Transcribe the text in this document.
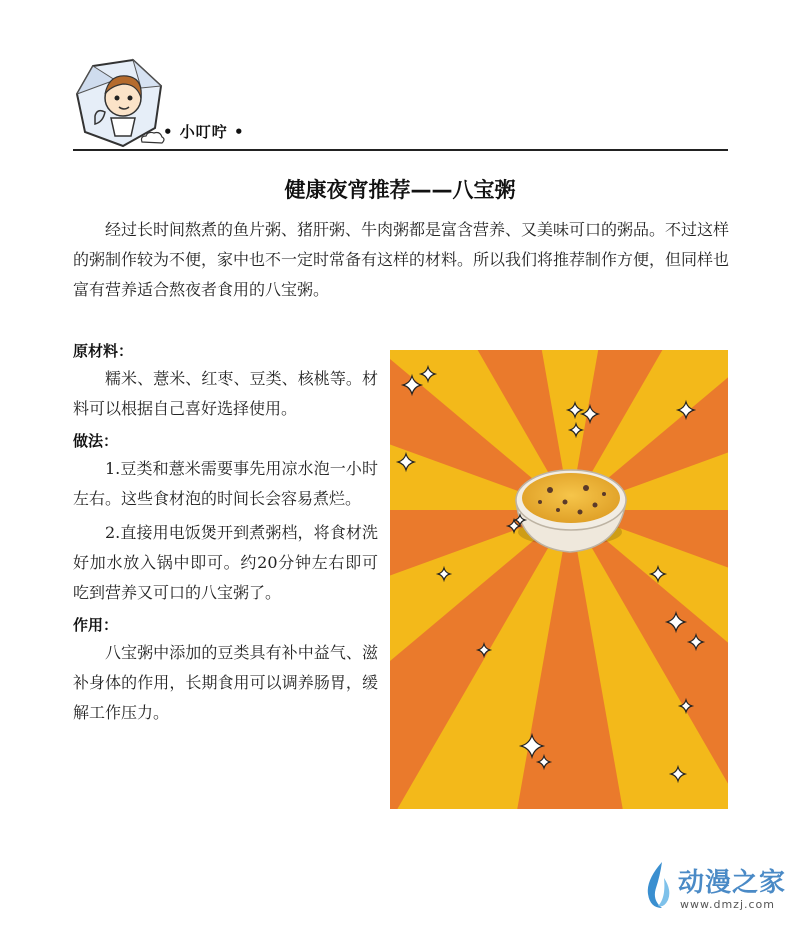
• 小叮咛 •
健康夜宵推荐——八宝粥

经过长时间熬煮的鱼片粥、猪肝粥、牛肉粥都是富含营养、又美味可口的粥品。不过这样的粥制作较为不便，家中也不一定时常备有这样的材料。所以我们将推荐制作方便，但同样也富有营养适合熬夜者食用的八宝粥。

原材料：

糯米、薏米、红枣、豆类、核桃等。材料可以根据自己喜好选择使用。

做法：

1.豆类和薏米需要事先用凉水泡一小时左右。这些食材泡的时间长会容易煮烂。

2.直接用电饭煲开到煮粥档，将食材洗好加水放入锅中即可。约20分钟左右即可吃到营养又可口的八宝粥了。

作用：

八宝粥中添加的豆类具有补中益气、滋补身体的作用，长期食用可以调养肠胃，缓解工作压力。

动漫之家
www.dmzj.com
